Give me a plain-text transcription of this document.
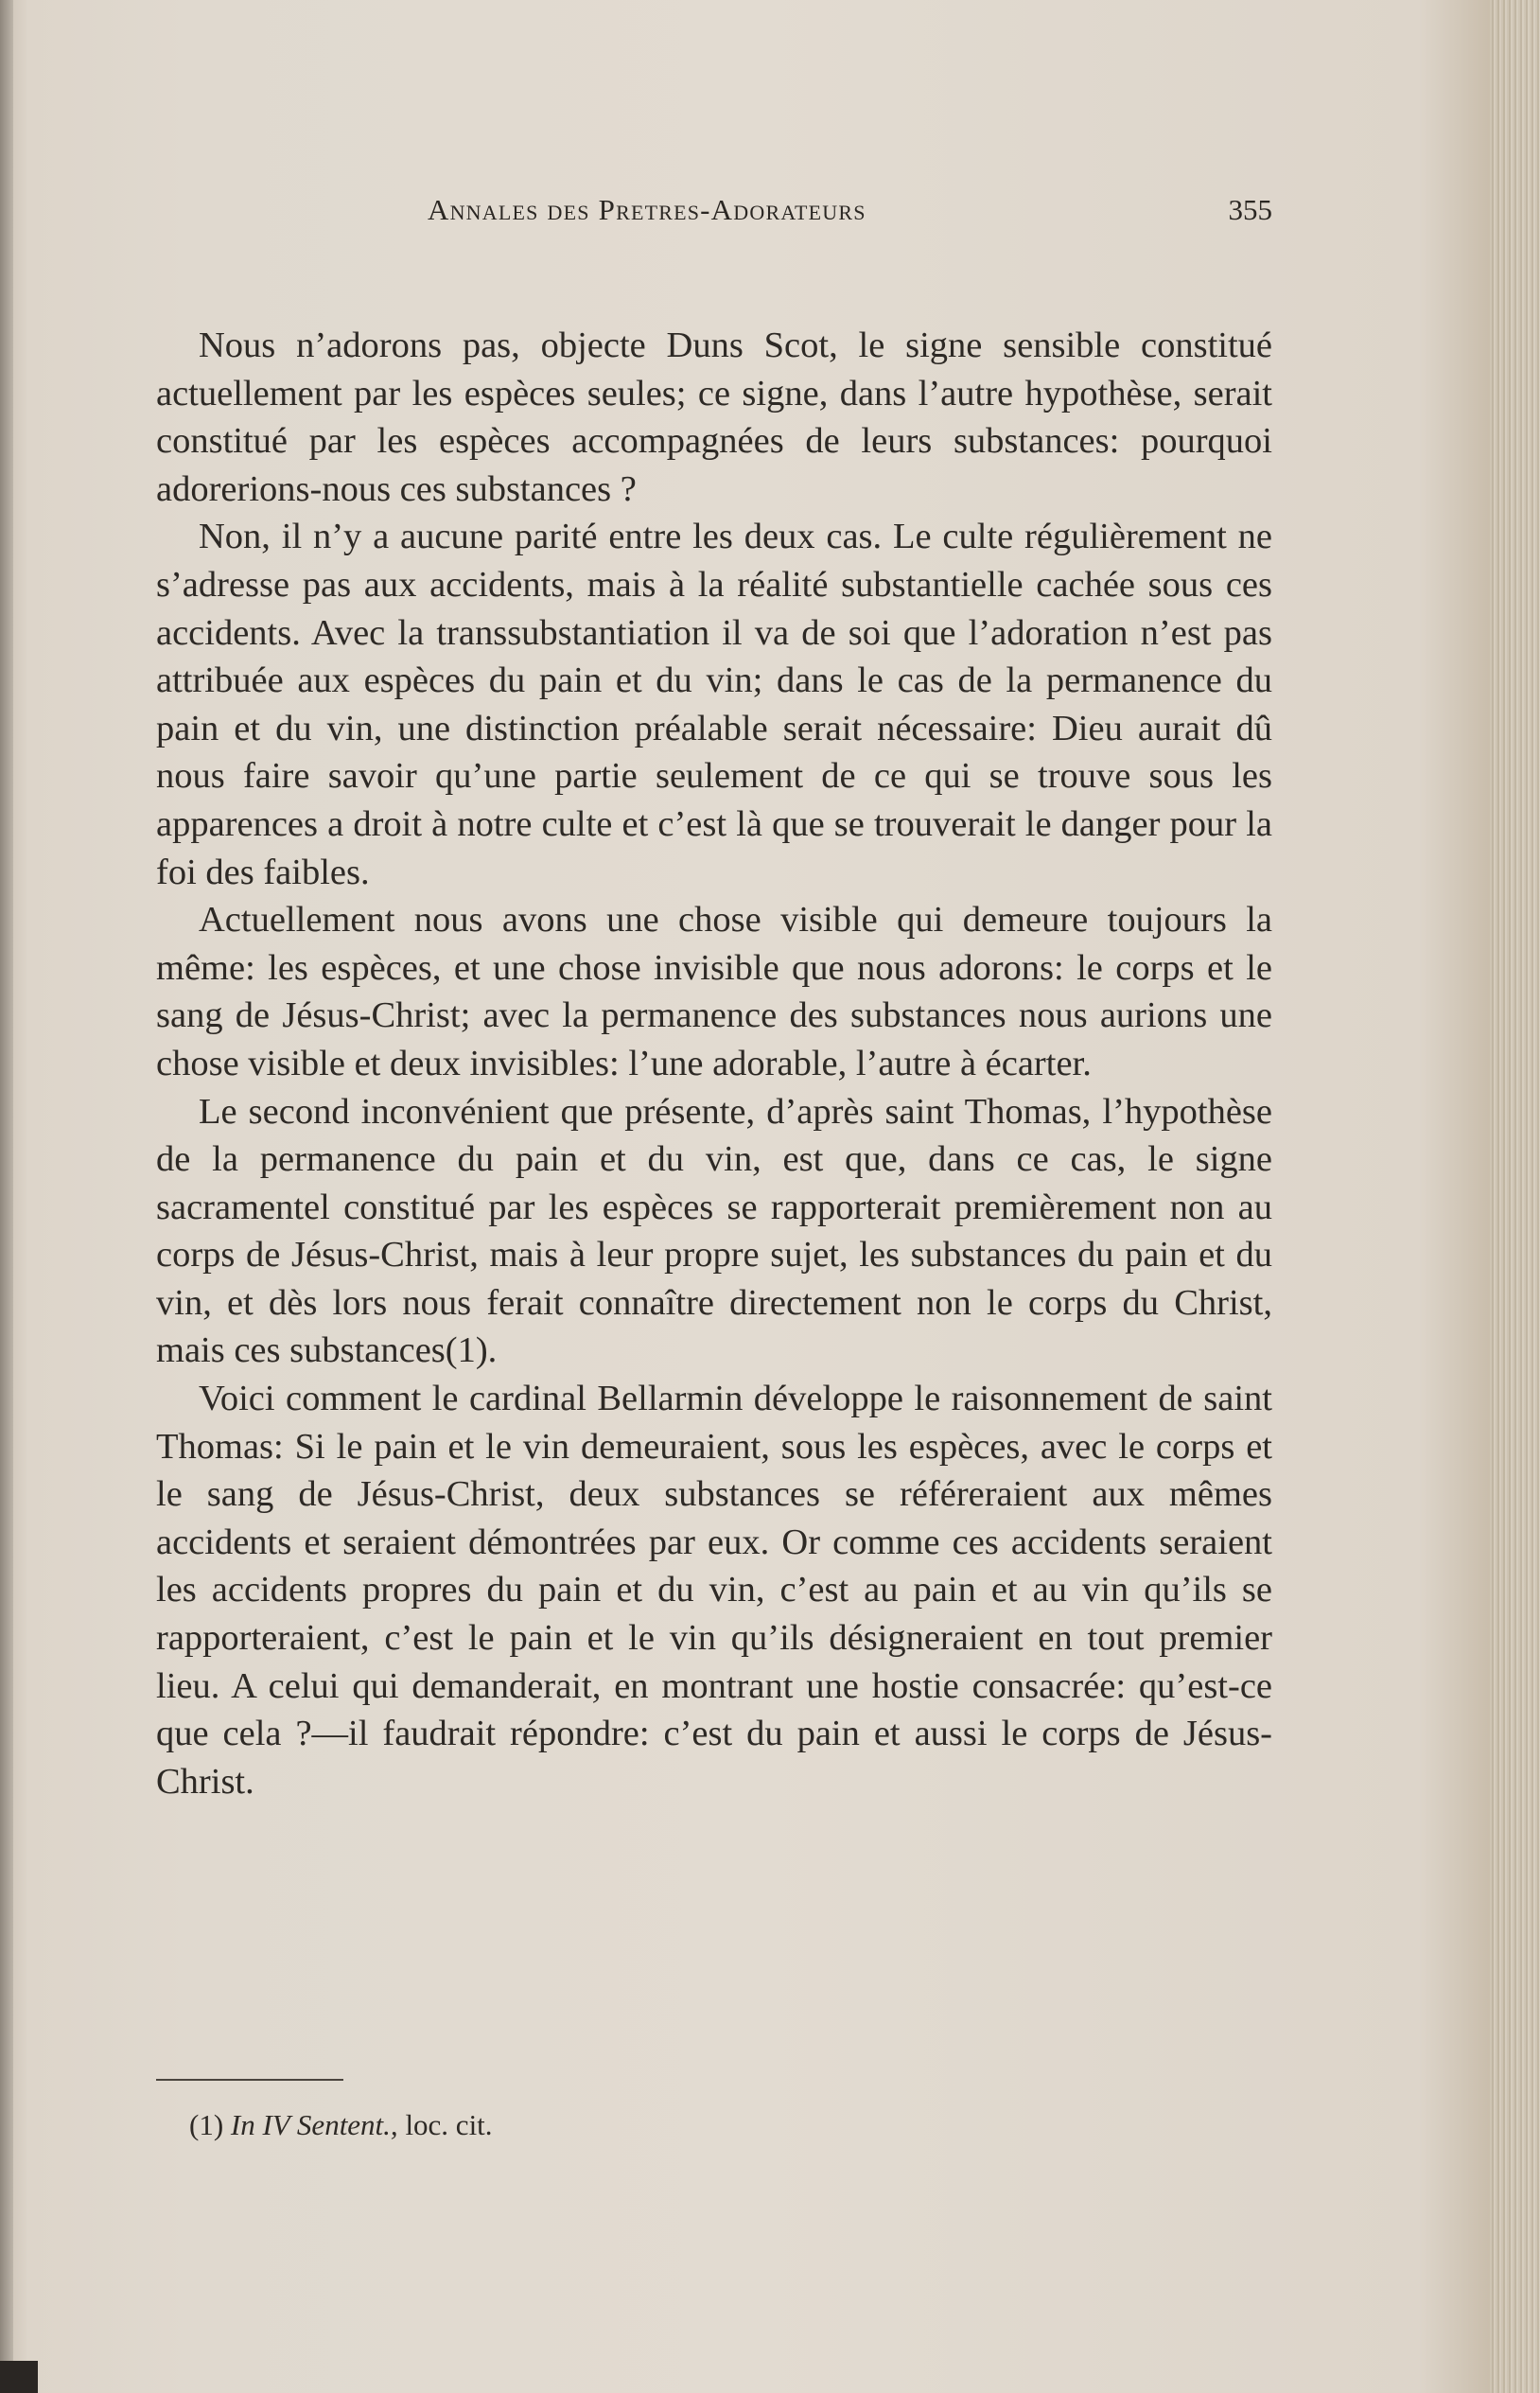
Annales des Pretres-Adorateurs	355

Nous n’adorons pas, objecte Duns Scot, le signe sensible constitué actuellement par les espèces seules; ce signe, dans l’autre hypothèse, serait constitué par les espèces accompagnées de leurs substances: pourquoi adorerions-nous ces substances ?

Non, il n’y a aucune parité entre les deux cas. Le culte régulièrement ne s’adresse pas aux accidents, mais à la réalité substantielle cachée sous ces accidents. Avec la transsubstantiation il va de soi que l’adoration n’est pas attribuée aux espèces du pain et du vin; dans le cas de la permanence du pain et du vin, une distinction préalable serait nécessaire: Dieu aurait dû nous faire savoir qu’une partie seulement de ce qui se trouve sous les apparences a droit à notre culte et c’est là que se trouverait le danger pour la foi des faibles.

Actuellement nous avons une chose visible qui demeure toujours la même: les espèces, et une chose invisible que nous adorons: le corps et le sang de Jésus-Christ; avec la permanence des substances nous aurions une chose visible et deux invisibles: l’une adorable, l’autre à écarter.

Le second inconvénient que présente, d’après saint Thomas, l’hypothèse de la permanence du pain et du vin, est que, dans ce cas, le signe sacramentel constitué par les espèces se rapporterait premièrement non au corps de Jésus-Christ, mais à leur propre sujet, les substances du pain et du vin, et dès lors nous ferait connaître directement non le corps du Christ, mais ces substances(1).

Voici comment le cardinal Bellarmin développe le raisonnement de saint Thomas: Si le pain et le vin demeuraient, sous les espèces, avec le corps et le sang de Jésus-Christ, deux substances se référeraient aux mêmes accidents et seraient démontrées par eux. Or comme ces accidents seraient les accidents propres du pain et du vin, c’est au pain et au vin qu’ils se rapporteraient, c’est le pain et le vin qu’ils désigneraient en tout premier lieu. A celui qui demanderait, en montrant une hostie consacrée: qu’est-ce que cela ?—il faudrait répondre: c’est du pain et aussi le corps de Jésus-Christ.

(1) In IV Sentent., loc. cit.
